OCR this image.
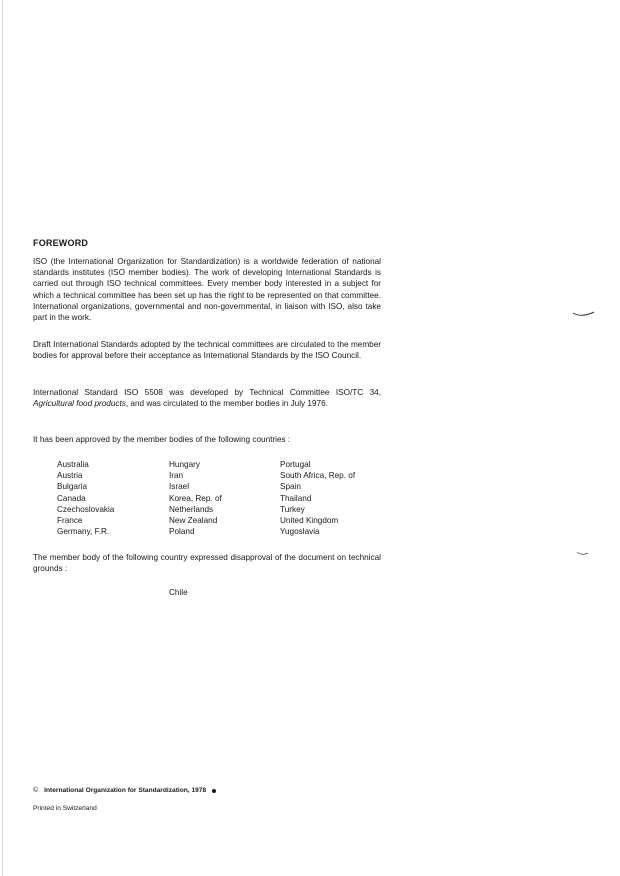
FOREWORD

ISO (the International Organization for Standardization) is a worldwide federation of national standards institutes (ISO member bodies). The work of developing International Standards is carried out through ISO technical committees. Every member body interested in a subject for which a technical committee has been set up has the right to be represented on that committee. International organizations, governmental and non-governmental, in liaison with ISO, also take part in the work.

Draft International Standards adopted by the technical committees are circulated to the member bodies for approval before their acceptance as International Standards by the ISO Council.

International Standard ISO 5508 was developed by Technical Committee ISO/TC 34, Agricultural food products, and was circulated to the member bodies in July 1976.

It has been approved by the member bodies of the following countries :

Australia
Austria
Bulgaria
Canada
Czechoslovakia
France
Germany, F.R.
Hungary
Iran
Israel
Korea, Rep. of
Netherlands
New Zealand
Poland
Portugal
South Africa, Rep. of
Spain
Thailand
Turkey
United Kingdom
Yugoslavia

The member body of the following country expressed disapproval of the document on technical grounds :

Chile
© International Organization for Standardization, 1978
Printed in Switzerland
